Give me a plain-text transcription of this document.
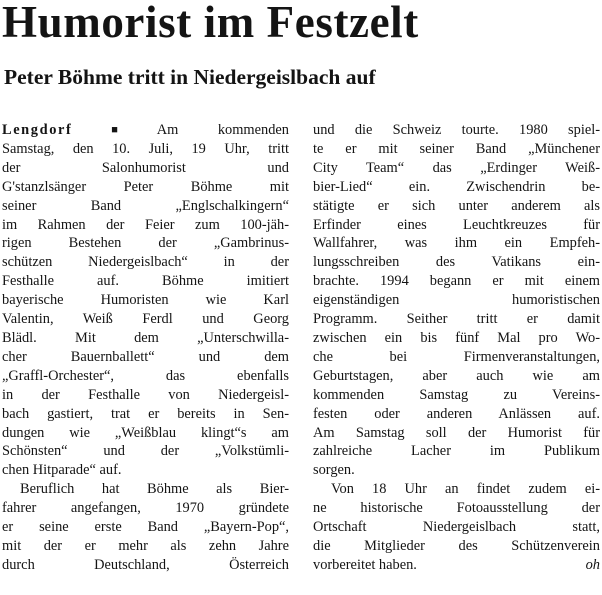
Humorist im Festzelt
Peter Böhme tritt in Niedergeislbach auf

Lengdorf ■ Am kommenden
Samstag, den 10. Juli, 19 Uhr, tritt
der Salonhumorist und
G'stanzlsänger Peter Böhme mit
seiner Band „Englschalkingern“
im Rahmen der Feier zum 100-jäh-
rigen Bestehen der „Gambrinus-
schützen Niedergeislbach“ in der
Festhalle auf. Böhme imitiert
bayerische Humoristen wie Karl
Valentin, Weiß Ferdl und Georg
Blädl. Mit dem „Unterschwilla-
cher Bauernballett“ und dem
„Graffl-Orchester“, das ebenfalls
in der Festhalle von Niedergeisl-
bach gastiert, trat er bereits in Sen-
dungen wie „Weißblau klingt“s am
Schönsten“ und der „Volkstümli-
chen Hitparade“ auf.

Beruflich hat Böhme als Bier-
fahrer angefangen, 1970 gründete
er seine erste Band „Bayern-Pop“,
mit der er mehr als zehn Jahre
durch Deutschland, Österreich

und die Schweiz tourte. 1980 spiel-
te er mit seiner Band „Münchener
City Team“ das „Erdinger Weiß-
bier-Lied“ ein. Zwischendrin be-
stätigte er sich unter anderem als
Erfinder eines Leuchtkreuzes für
Wallfahrer, was ihm ein Empfeh-
lungsschreiben des Vatikans ein-
brachte. 1994 begann er mit einem
eigenständigen humoristischen
Programm. Seither tritt er damit
zwischen ein bis fünf Mal pro Wo-
che bei Firmenveranstaltungen,
Geburtstagen, aber auch wie am
kommenden Samstag zu Vereins-
festen oder anderen Anlässen auf.
Am Samstag soll der Humorist für
zahlreiche Lacher im Publikum
sorgen.

Von 18 Uhr an findet zudem ei-
ne historische Fotoausstellung der
Ortschaft Niedergeislbach statt,
die Mitglieder des Schützenverein
vorbereitet haben.	oh
